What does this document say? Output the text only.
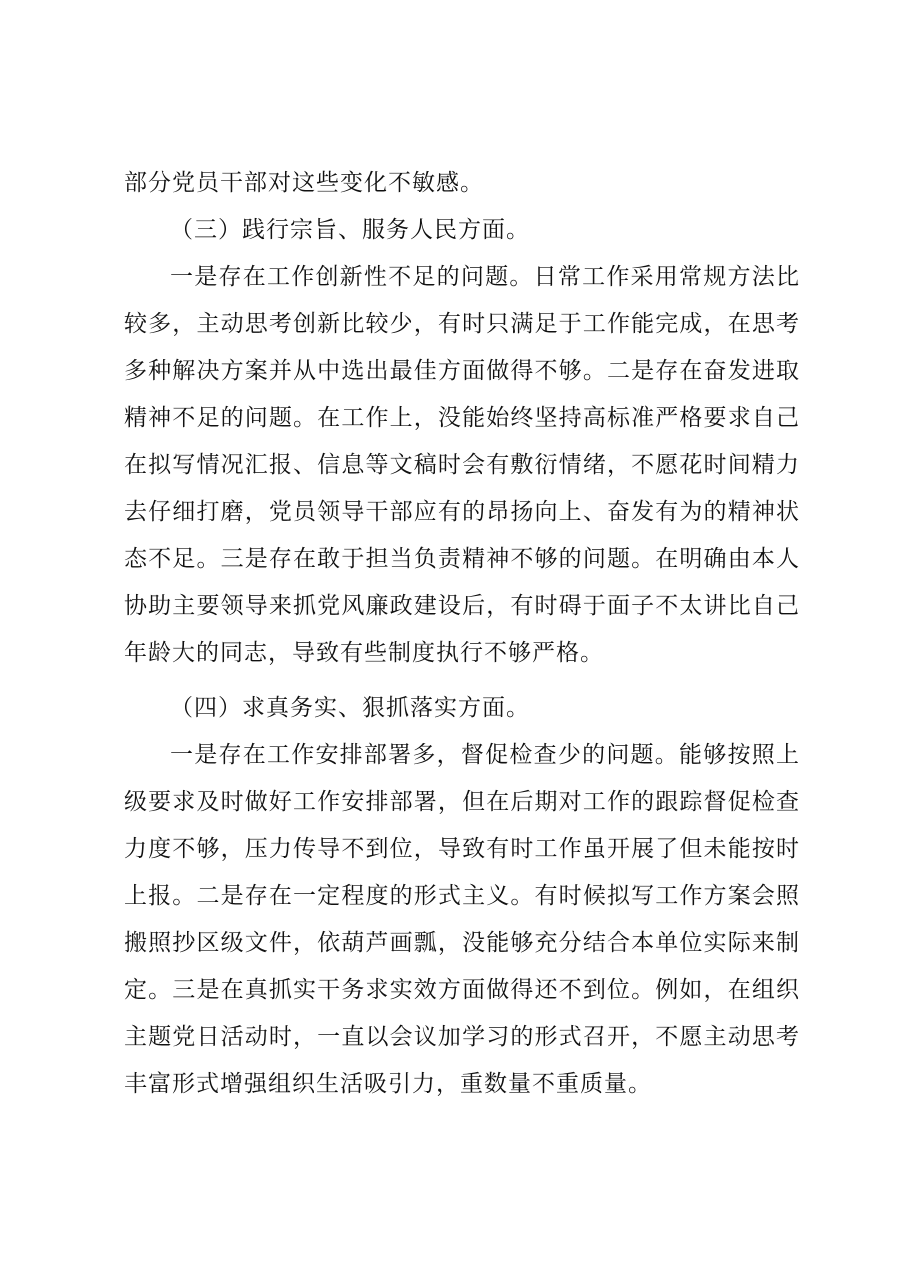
部分党员干部对这些变化不敏感。
（三）践行宗旨、服务人民方面。
一是存在工作创新性不足的问题。日常工作采用常规方法比
较多，主动思考创新比较少，有时只满足于工作能完成，在思考
多种解决方案并从中选出最佳方面做得不够。二是存在奋发进取
精神不足的问题。在工作上，没能始终坚持高标准严格要求自己
在拟写情况汇报、信息等文稿时会有敷衍情绪，不愿花时间精力
去仔细打磨，党员领导干部应有的昂扬向上、奋发有为的精神状
态不足。三是存在敢于担当负责精神不够的问题。在明确由本人
协助主要领导来抓党风廉政建设后，有时碍于面子不太讲比自己
年龄大的同志，导致有些制度执行不够严格。
（四）求真务实、狠抓落实方面。
一是存在工作安排部署多，督促检查少的问题。能够按照上
级要求及时做好工作安排部署，但在后期对工作的跟踪督促检查
力度不够，压力传导不到位，导致有时工作虽开展了但未能按时
上报。二是存在一定程度的形式主义。有时候拟写工作方案会照
搬照抄区级文件，依葫芦画瓢，没能够充分结合本单位实际来制
定。三是在真抓实干务求实效方面做得还不到位。例如，在组织
主题党日活动时，一直以会议加学习的形式召开，不愿主动思考
丰富形式增强组织生活吸引力，重数量不重质量。
